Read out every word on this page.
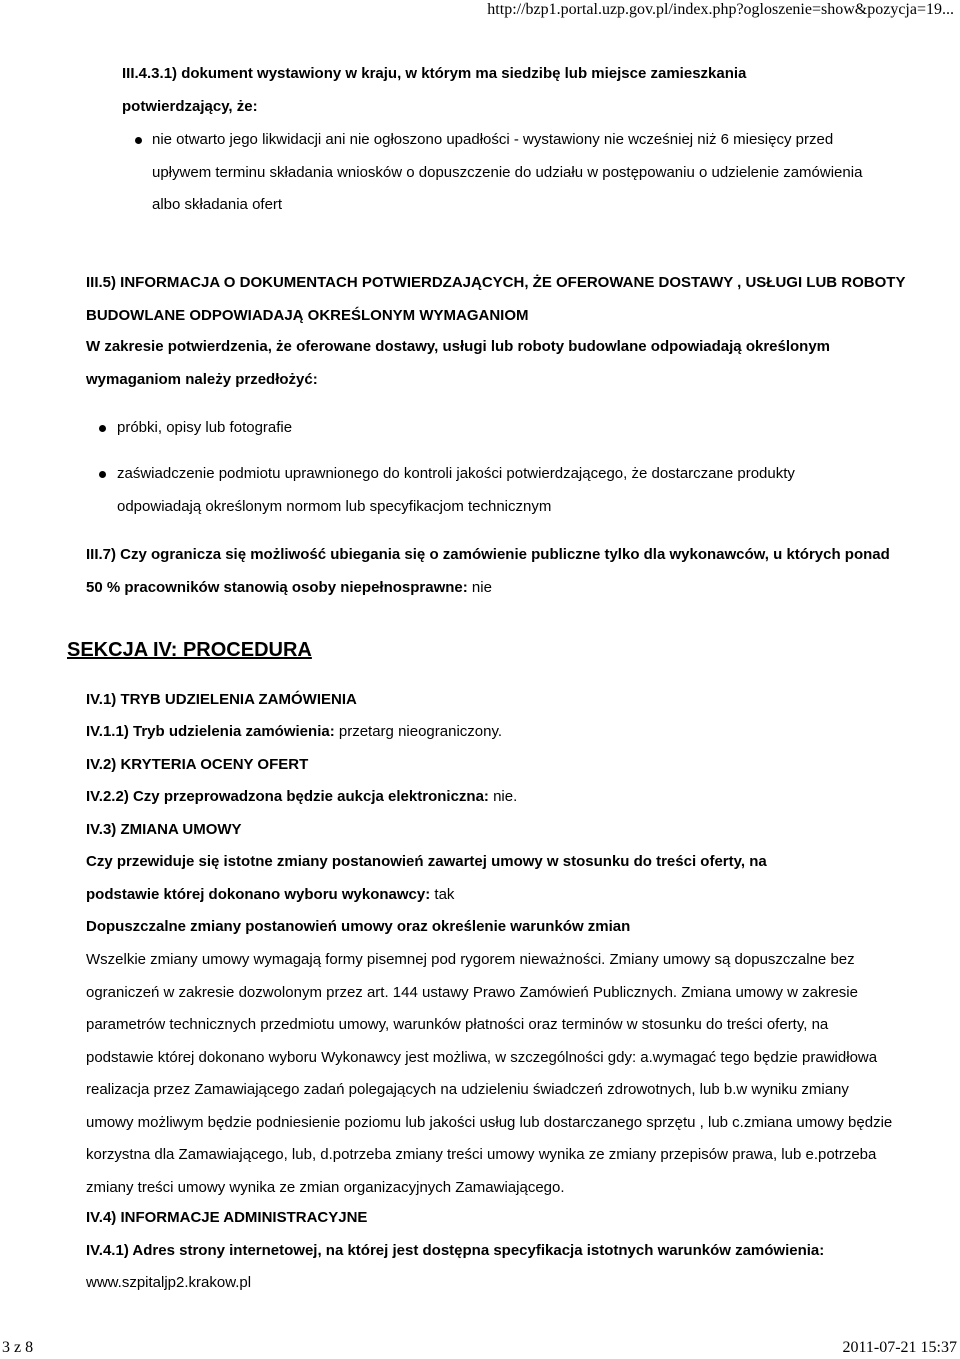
http://bzp1.portal.uzp.gov.pl/index.php?ogloszenie=show&pozycja=19...

III.4.3.1) dokument wystawiony w kraju, w którym ma siedzibę lub miejsce zamieszkania potwierdzający, że:

nie otwarto jego likwidacji ani nie ogłoszono upadłości - wystawiony nie wcześniej niż 6 miesięcy przed upływem terminu składania wniosków o dopuszczenie do udziału w postępowaniu o udzielenie zamówienia albo składania ofert

III.5) INFORMACJA O DOKUMENTACH POTWIERDZAJĄCYCH, ŻE OFEROWANE DOSTAWY , USŁUGI LUB ROBOTY BUDOWLANE ODPOWIADAJĄ OKREŚLONYM WYMAGANIOM

W zakresie potwierdzenia, że oferowane dostawy, usługi lub roboty budowlane odpowiadają określonym wymaganiom należy przedłożyć:

próbki, opisy lub fotografie

zaświadczenie podmiotu uprawnionego do kontroli jakości potwierdzającego, że dostarczane produkty odpowiadają określonym normom lub specyfikacjom technicznym

III.7) Czy ogranicza się możliwość ubiegania się o zamówienie publiczne tylko dla wykonawców, u których ponad 50 % pracowników stanowią osoby niepełnosprawne: nie

SEKCJA IV: PROCEDURA

IV.1) TRYB UDZIELENIA ZAMÓWIENIA

IV.1.1) Tryb udzielenia zamówienia: przetarg nieograniczony.

IV.2) KRYTERIA OCENY OFERT

IV.2.2) Czy przeprowadzona będzie aukcja elektroniczna: nie.

IV.3) ZMIANA UMOWY

Czy przewiduje się istotne zmiany postanowień zawartej umowy w stosunku do treści oferty, na podstawie której dokonano wyboru wykonawcy: tak

Dopuszczalne zmiany postanowień umowy oraz określenie warunków zmian

Wszelkie zmiany umowy wymagają formy pisemnej pod rygorem nieważności. Zmiany umowy są dopuszczalne bez ograniczeń w zakresie dozwolonym przez art. 144 ustawy Prawo Zamówień Publicznych. Zmiana umowy w zakresie parametrów technicznych przedmiotu umowy, warunków płatności oraz terminów w stosunku do treści oferty, na podstawie której dokonano wyboru Wykonawcy jest możliwa, w szczególności gdy: a.wymagać tego będzie prawidłowa realizacja przez Zamawiającego zadań polegających na udzieleniu świadczeń zdrowotnych, lub b.w wyniku zmiany umowy możliwym będzie podniesienie poziomu lub jakości usług lub dostarczanego sprzętu , lub c.zmiana umowy będzie korzystna dla Zamawiającego, lub, d.potrzeba zmiany treści umowy wynika ze zmiany przepisów prawa, lub e.potrzeba zmiany treści umowy wynika ze zmian organizacyjnych Zamawiającego.

IV.4) INFORMACJE ADMINISTRACYJNE

IV.4.1) Adres strony internetowej, na której jest dostępna specyfikacja istotnych warunków zamówienia:

www.szpitaljp2.krakow.pl

3 z 8	2011-07-21 15:37
